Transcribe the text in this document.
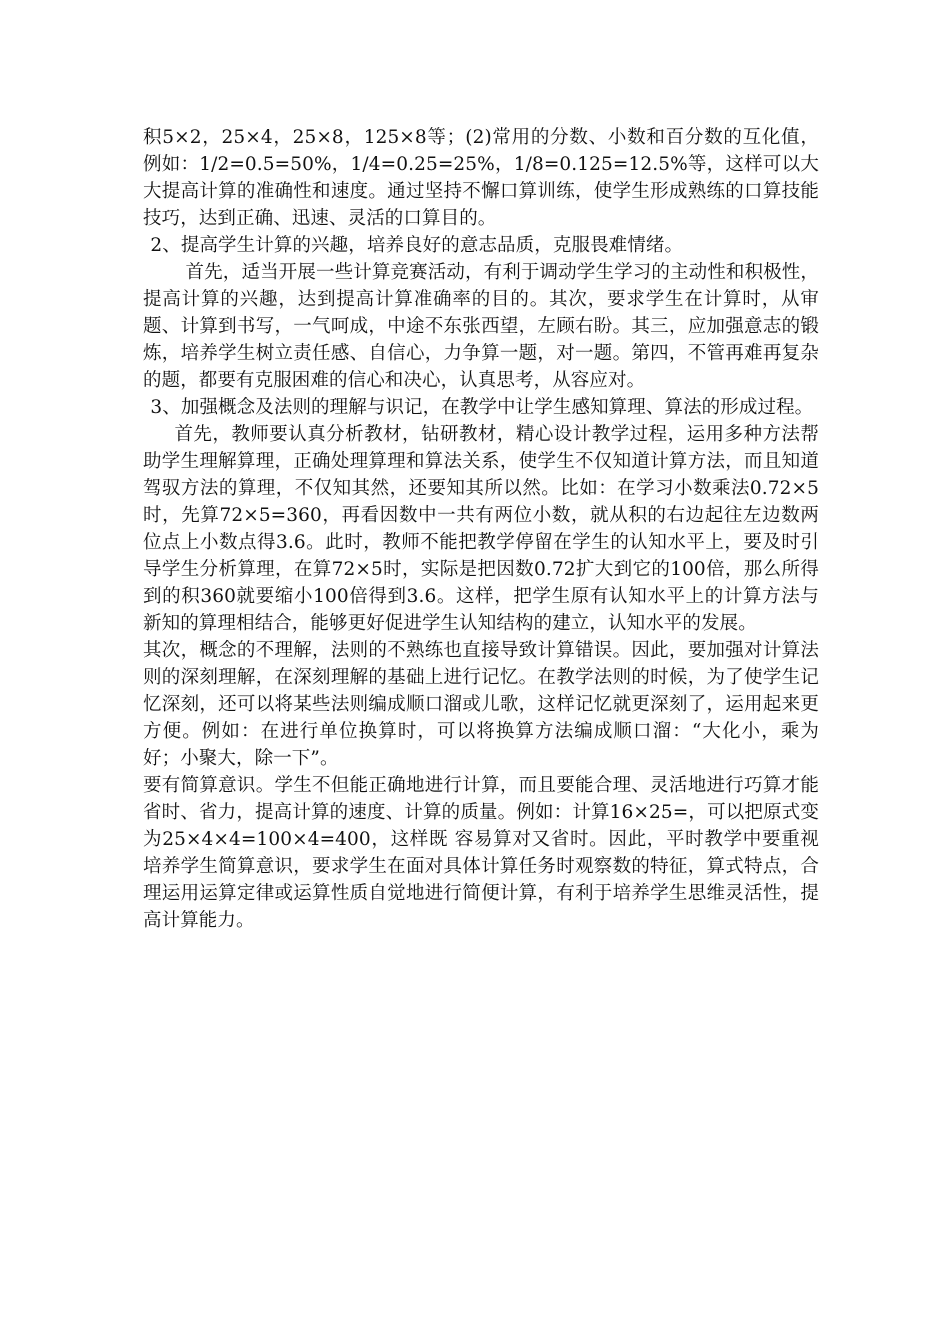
积5×2，25×4，25×8，125×8等；(2)常用的分数、小数和百分数的互化值，例如：1/2=0.5=50%，1/4=0.25=25%，1/8=0.125=12.5%等，这样可以大大提高计算的准确性和速度。通过坚持不懈口算训练，使学生形成熟练的口算技能技巧，达到正确、迅速、灵活的口算目的。

2、提高学生计算的兴趣，培养良好的意志品质，克服畏难情绪。

首先，适当开展一些计算竞赛活动，有利于调动学生学习的主动性和积极性，提高计算的兴趣，达到提高计算准确率的目的。其次，要求学生在计算时，从审题、计算到书写，一气呵成，中途不东张西望，左顾右盼。其三，应加强意志的锻炼，培养学生树立责任感、自信心，力争算一题，对一题。第四，不管再难再复杂的题，都要有克服困难的信心和决心，认真思考，从容应对。

3、加强概念及法则的理解与识记，在教学中让学生感知算理、算法的形成过程。

首先，教师要认真分析教材，钻研教材，精心设计教学过程，运用多种方法帮助学生理解算理，正确处理算理和算法关系，使学生不仅知道计算方法，而且知道驾驭方法的算理，不仅知其然，还要知其所以然。比如：在学习小数乘法0.72×5时，先算72×5=360，再看因数中一共有两位小数，就从积的右边起往左边数两位点上小数点得3.6。此时，教师不能把教学停留在学生的认知水平上，要及时引导学生分析算理，在算72×5时，实际是把因数0.72扩大到它的100倍，那么所得到的积360就要缩小100倍得到3.6。这样，把学生原有认知水平上的计算方法与新知的算理相结合，能够更好促进学生认知结构的建立，认知水平的发展。

其次，概念的不理解，法则的不熟练也直接导致计算错误。因此，要加强对计算法则的深刻理解，在深刻理解的基础上进行记忆。在教学法则的时候，为了使学生记忆深刻，还可以将某些法则编成顺口溜或儿歌，这样记忆就更深刻了，运用起来更方便。例如：在进行单位换算时，可以将换算方法编成顺口溜：“大化小，乘为好；小聚大，除一下”。

要有简算意识。学生不但能正确地进行计算，而且要能合理、灵活地进行巧算才能省时、省力，提高计算的速度、计算的质量。例如：计算16×25=，可以把原式变为25×4×4=100×4=400，这样既 容易算对又省时。因此，平时教学中要重视培养学生简算意识，要求学生在面对具体计算任务时观察数的特征，算式特点，合理运用运算定律或运算性质自觉地进行简便计算，有利于培养学生思维灵活性，提高计算能力。
